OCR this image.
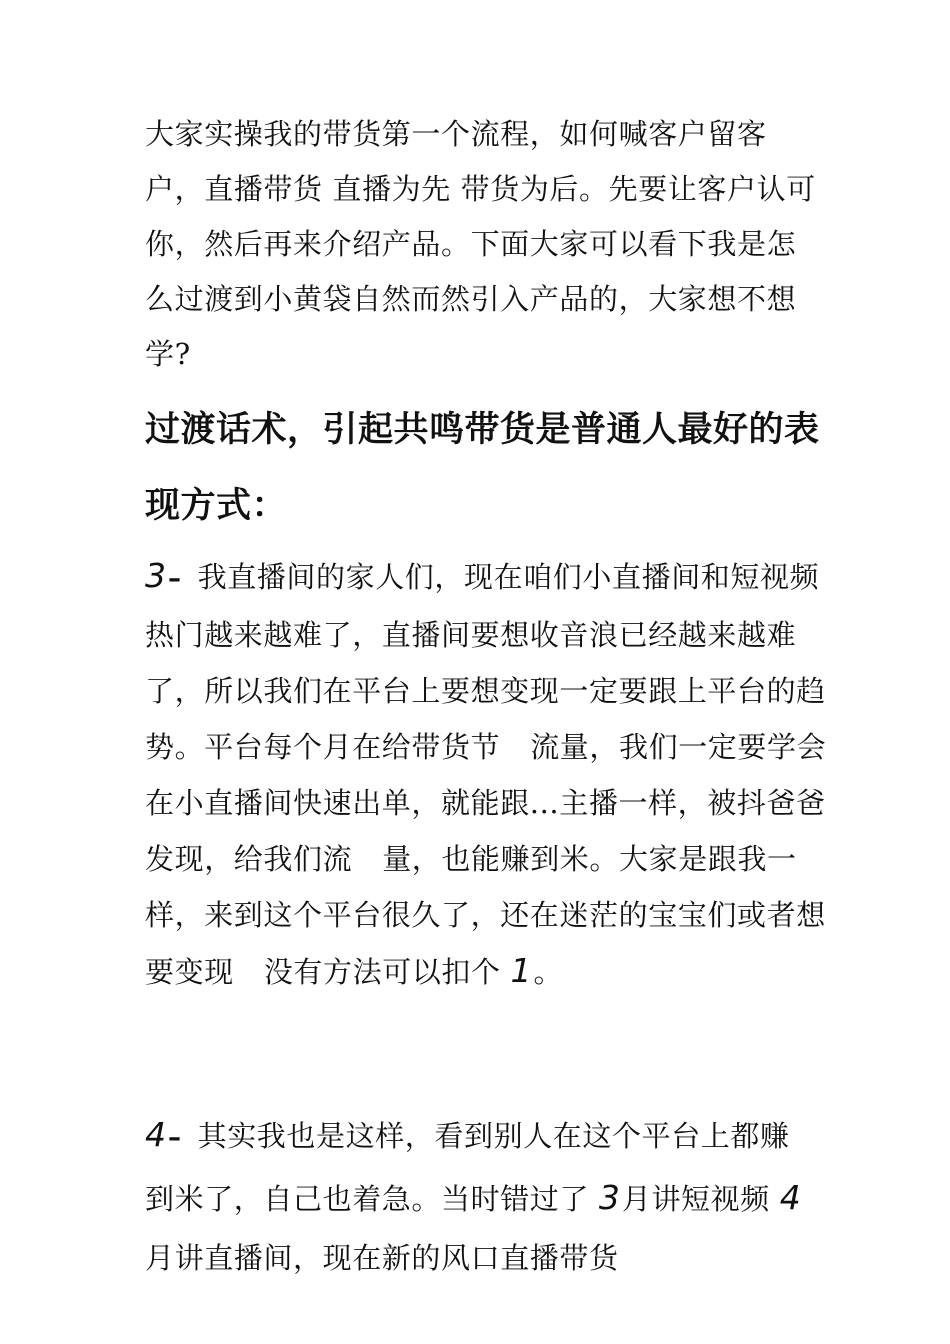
大家实操我的带货第一个流程，如何喊客户留客户，直播带货 直播为先 带货为后。先要让客户认可你，然后再来介绍产品。下面大家可以看下我是怎么过渡到小黄袋自然而然引入产品的，大家想不想学?

过渡话术，引起共鸣带货是普通人最好的表现方式：

3– 我直播间的家人们，现在咱们小直播间和短视频热门越来越难了，直播间要想收音浪已经越来越难了，所以我们在平台上要想变现一定要跟上平台的趋势。平台每个月在给带货节 流量，我们一定要学会在小直播间快速出单，就能跟...主播一样，被抖爸爸发现，给我们流 量，也能赚到米。大家是跟我一样，来到这个平台很久了，还在迷茫的宝宝们或者想要变现 没有方法可以扣个 1。

4– 其实我也是这样，看到别人在这个平台上都赚到米了，自己也着急。当时错过了 3月讲短视频 4月讲直播间，现在新的风口直播带货
